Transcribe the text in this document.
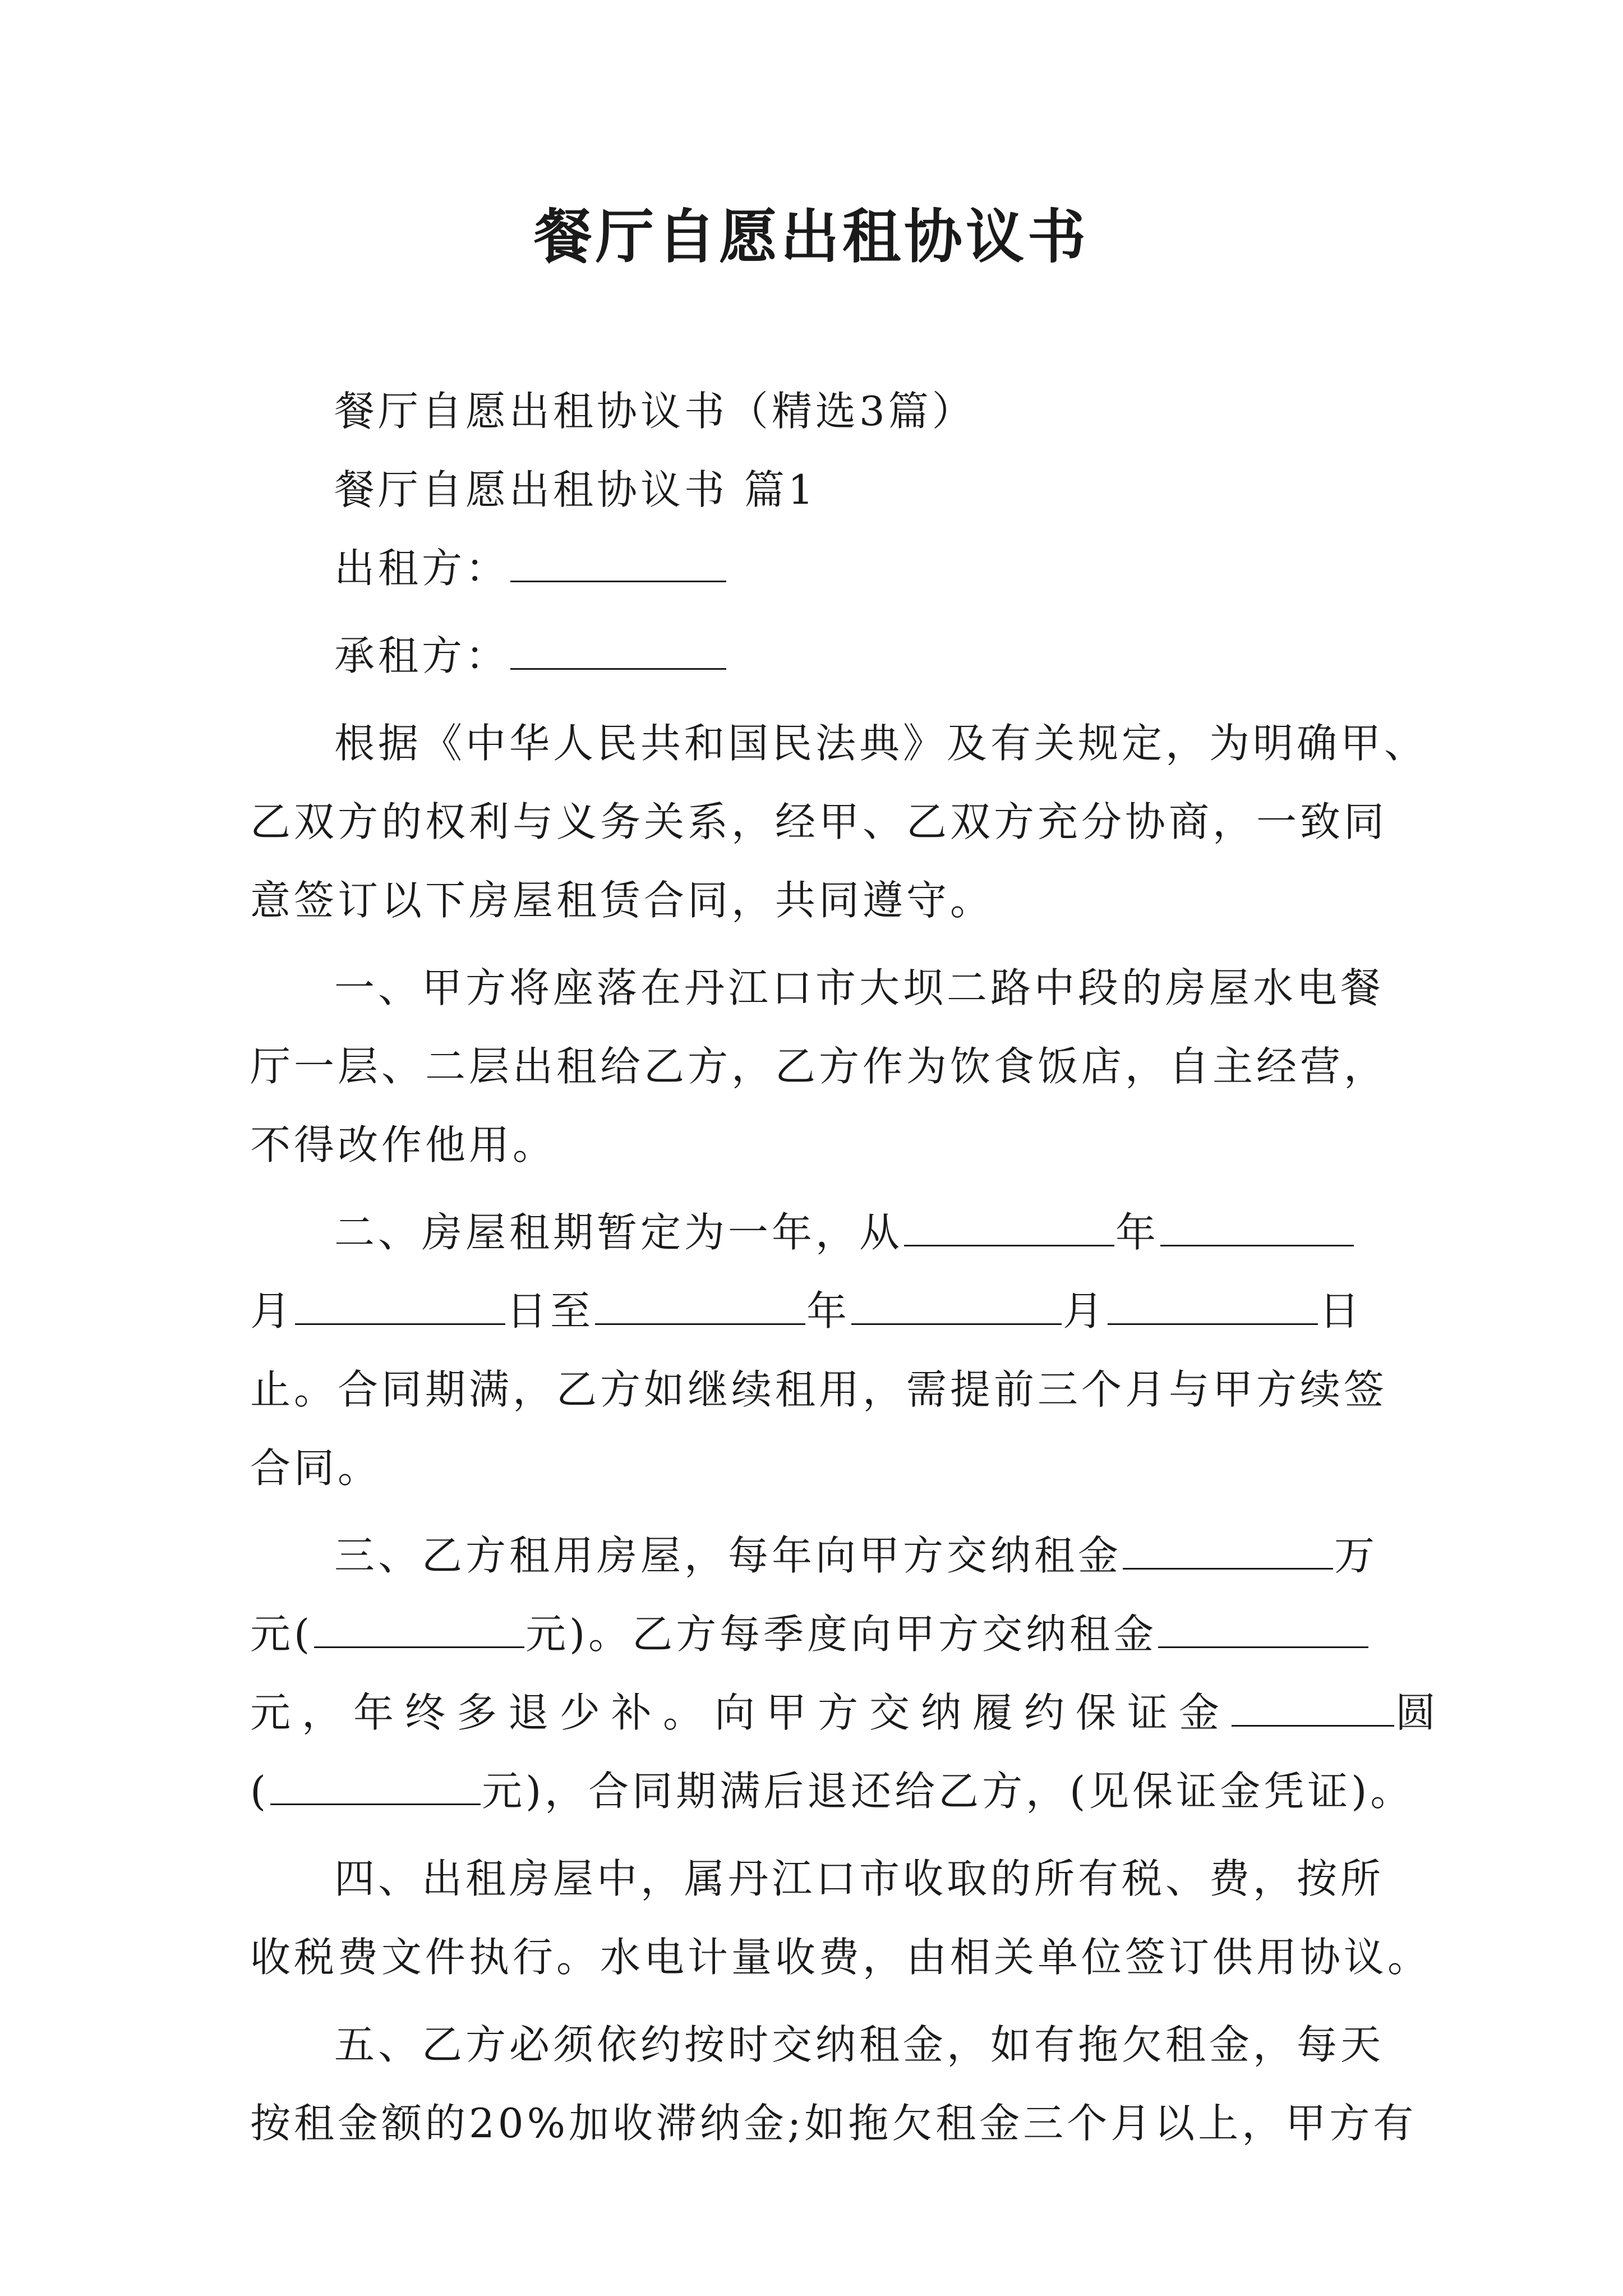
餐厅自愿出租协议书
餐厅自愿出租协议书（精选3篇）
餐厅自愿出租协议书 篇1
出租方：
承租方：
根据《中华人民共和国民法典》及有关规定，为明确甲、
乙双方的权利与义务关系，经甲、乙双方充分协商，一致同
意签订以下房屋租赁合同，共同遵守。
一、甲方将座落在丹江口市大坝二路中段的房屋水电餐
厅一层、二层出租给乙方，乙方作为饮食饭店，自主经营，
不得改作他用。
二、房屋租期暂定为一年，从	年
月	日至	年	月	日
止。合同期满，乙方如继续租用，需提前三个月与甲方续签
合同。
三、乙方租用房屋，每年向甲方交纳租金	万
元(	元)。乙方每季度向甲方交纳租金
元，年终多退少补。向甲方交纳履约保证金	圆
(	元)，合同期满后退还给乙方，(见保证金凭证)。
四、出租房屋中，属丹江口市收取的所有税、费，按所
收税费文件执行。水电计量收费，由相关单位签订供用协议。
五、乙方必须依约按时交纳租金，如有拖欠租金，每天
按租金额的20%加收滞纳金;如拖欠租金三个月以上，甲方有
